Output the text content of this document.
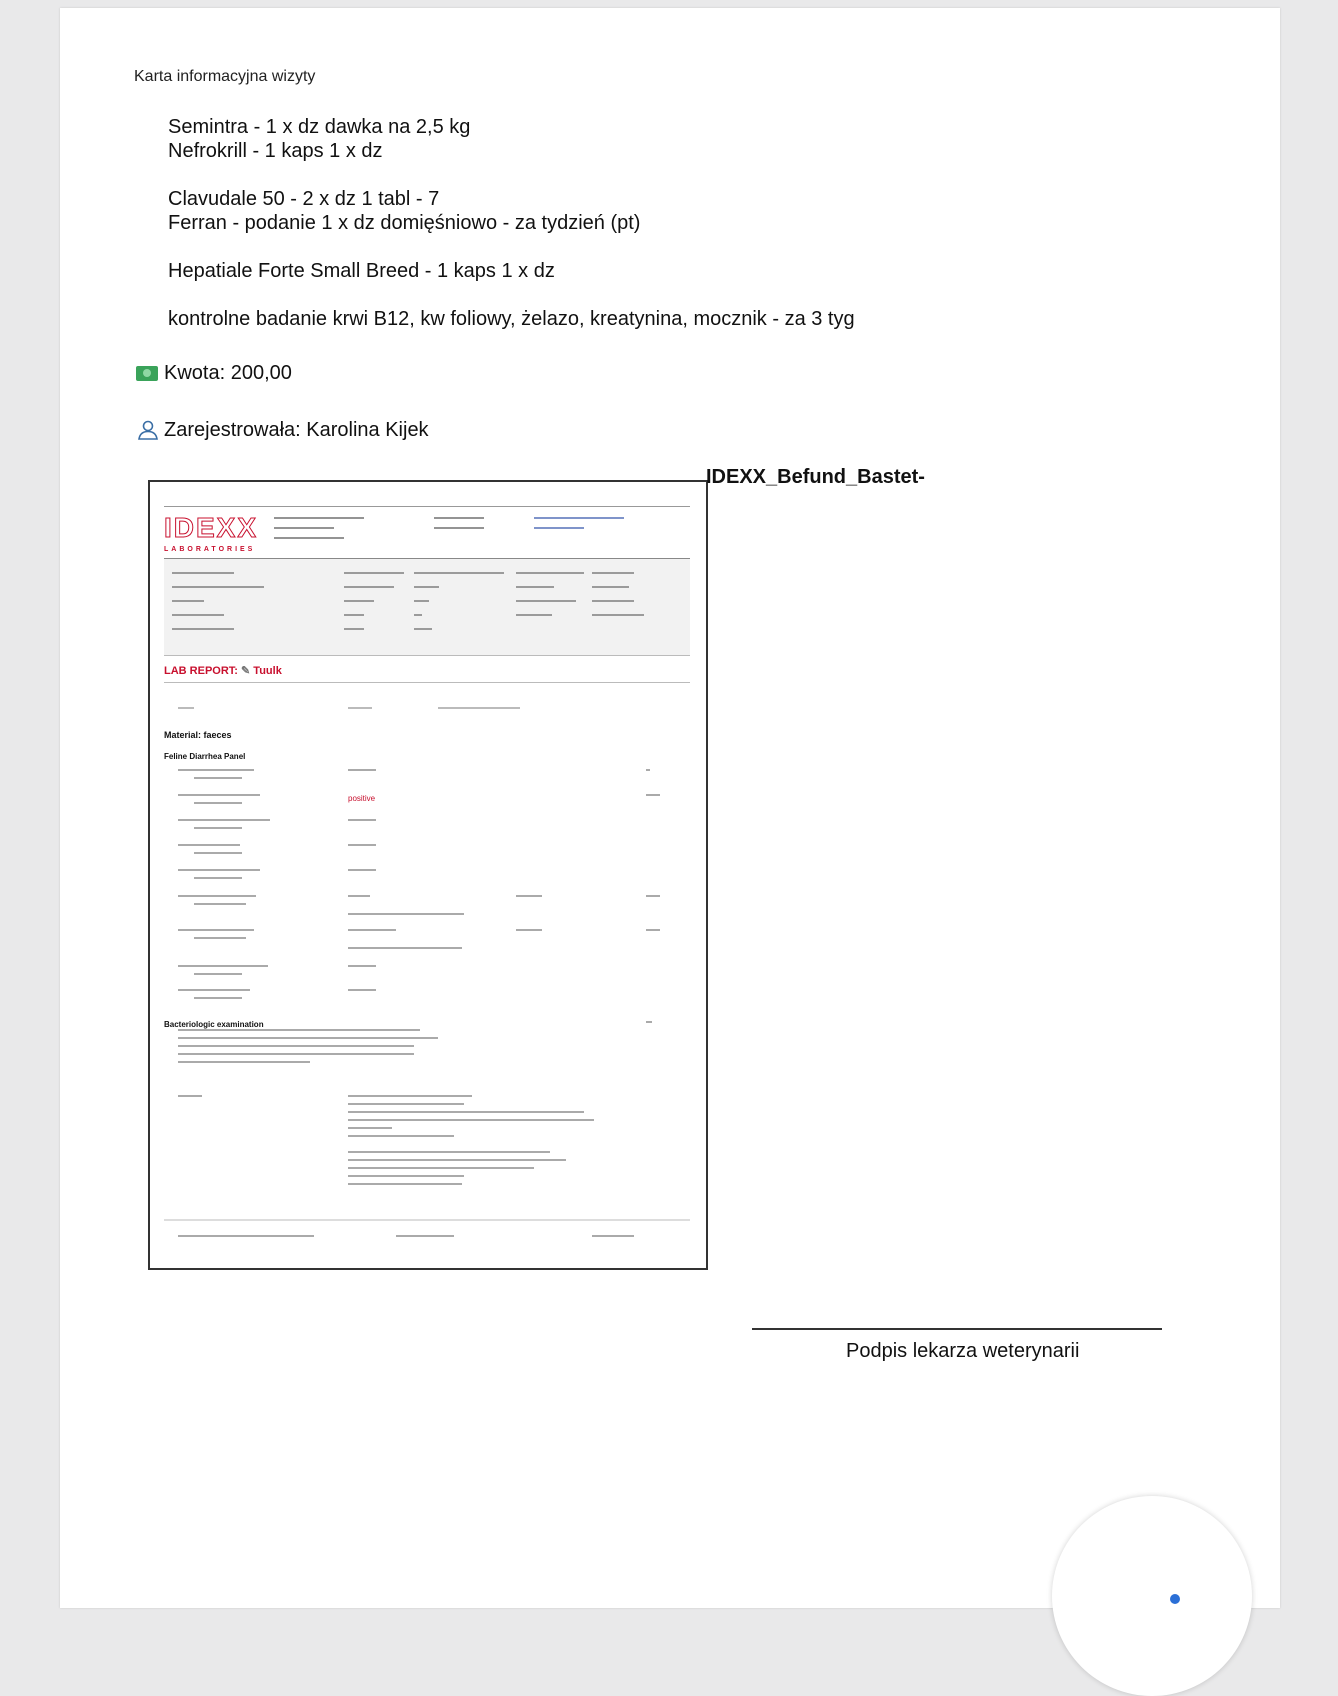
Karta informacyjna wizyty
Semintra - 1 x dz dawka na 2,5 kg
Nefrokrill - 1 kaps 1 x dz
Clavudale 50 - 2 x dz 1 tabl - 7
Ferran - podanie 1 x dz domięśniowo - za tydzień (pt)
Hepatiale Forte Small Breed - 1 kaps 1 x dz
kontrolne badanie krwi B12, kw foliowy, żelazo, kreatynina, mocznik - za 3 tyg
Kwota: 200,00
Zarejestrowała: Karolina Kijek
IDEXX
LABORATORIES
LAB REPORT: ✎ Tuulk
Material: faeces
Feline Diarrhea Panel
positive
Bacteriologic examination
IDEXX_Befund_Bastet-
Podpis lekarza weterynarii
